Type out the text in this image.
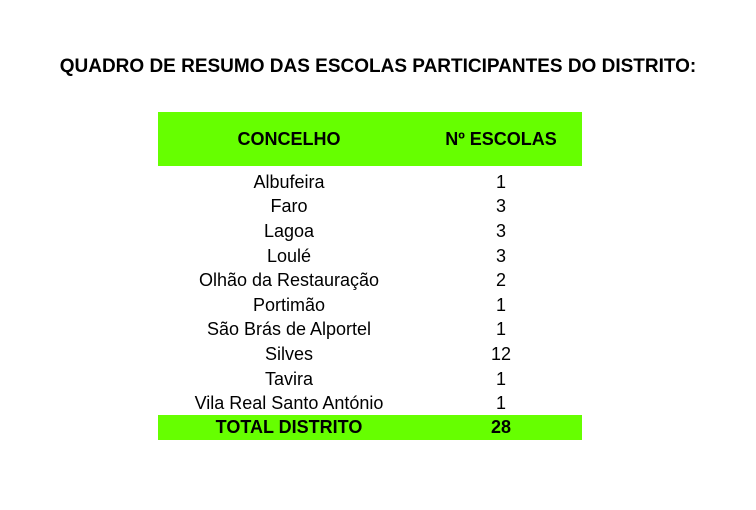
QUADRO DE RESUMO DAS ESCOLAS PARTICIPANTES DO DISTRITO:
CONCELHO	Nº ESCOLAS
Albufeira	1
Faro	3
Lagoa	3
Loulé	3
Olhão da Restauração	2
Portimão	1
São Brás de Alportel	1
Silves	12
Tavira	1
Vila Real Santo António	1
TOTAL DISTRITO	28
